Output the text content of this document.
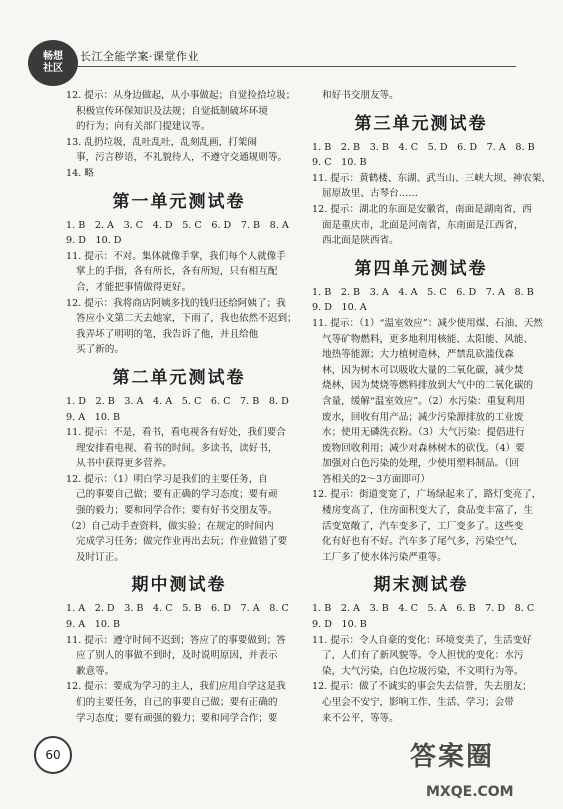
畅想 社区
长江全能学案·课堂作业
12. 提示：从身边做起，从小事做起；自觉捡拾垃圾；
积极宣传环保知识及法规；自觉抵制破坏环境
的行为；向有关部门提建议等。
13. 乱扔垃圾，乱吐乱吐，乱刻乱画，打架闹
事，污言秽语，不礼貌待人，不遵守交通规则等。
14. 略
第一单元测试卷
1. B　2. A　3. C　4. D　5. C　6. D　7. B　8. A
9. D　10. D
11. 提示：不对。集体就像手掌，我们每个人就像手
掌上的手指，各有所长，各有所短，只有相互配
合，才能把事情做得更好。
12. 提示：我将商店阿姨多找的钱归还给阿姨了；我
答应小文第二天去她家，下雨了，我也依然不迟到；
我弄坏了明明的笔，我告诉了他，并且给他
买了新的。
第二单元测试卷
1. D　2. B　3. A　4. A　5. C　6. C　7. B　8. D
9. A　10. B
11. 提示：不是，看书，看电视各有好处，我们要合
理安排看电视、看书的时间。多读书，读好书，
从书中获得更多营养。
12. 提示：（1）明白学习是我们的主要任务，自
己的事要自己做；要有正确的学习态度；要有顽
强的毅力；要和同学合作；要有好书交朋友等。
（2）自己动手查资料，做实验；在规定的时间内
完成学习任务；做完作业再出去玩；作业做错了要
及时订正。
期中测试卷
1. A　2. D　3. B　4. C　5. B　6. D　7. A　8. C
9. A　10. B
11. 提示：遵守时间不迟到；答应了的事要做到；答
应了别人的事做不到时，及时说明原因，并表示
歉意等。
12. 提示：要成为学习的主人，我们应用自学这是我
们的主要任务，自己的事要自己做；要有正确的
学习态度；要有顽强的毅力；要和同学合作；要
和好书交朋友等。
第三单元测试卷
1. B　2. B　3. B　4. C　5. D　6. D　7. A　8. B
9. C　10. B
11. 提示：黄鹤楼、东湖、武当山、三峡大坝、神农架、
屈原故里、古琴台……
12. 提示：湖北的东面是安徽省，南面是湖南省，西
面是重庆市，北面是河南省，东南面是江西省，
西北面是陕西省。
第四单元测试卷
1. B　2. B　3. A　4. A　5. C　6. D　7. A　8. B
9. D　10. A
11. 提示：（1）“温室效应”：减少使用煤、石油、天然
气等矿物燃料，更多地利用核能、太阳能、风能、
地热等能源；大力植树造林，严禁乱砍滥伐森
林，因为树木可以吸收大量的二氧化碳，减少焚
烧林，因为焚烧等燃料排放到大气中的二氧化碳的
含量，缓解“温室效应”。（2）水污染：重复利用
废水，回收有用产品；减少污染源排放的工业废
水；使用无磷洗衣粉。（3）大气污染：提倡进行
废物回收利用；减少对森林树木的砍伐。（4）要
加强对白色污染的处理，少使用塑料制品。（回
答相关的2～3方面即可）
12. 提示：街道变宽了，广场绿起来了，路灯变亮了，
楼房变高了，住房面积变大了，食品变丰富了，生
活变宽敞了，汽车变多了，工厂变多了。这些变
化有好也有不好。汽车多了尾气多，污染空气，
工厂多了使水体污染严重等。
期末测试卷
1. B　2. A　3. B　4. C　5. A　6. B　7. D　8. C
9. D　10. B
11. 提示：令人自豪的变化：环境变美了，生活变好
了，人们有了新风貌等。令人担忧的变化：水污
染，大气污染，白色垃圾污染，不文明行为等。
12. 提示：做了不诚实的事会失去信誉，失去朋友；
心里会不安宁，影响工作、生活、学习；会带
来不公平，等等。
60	答案圈
MXQE.COM
